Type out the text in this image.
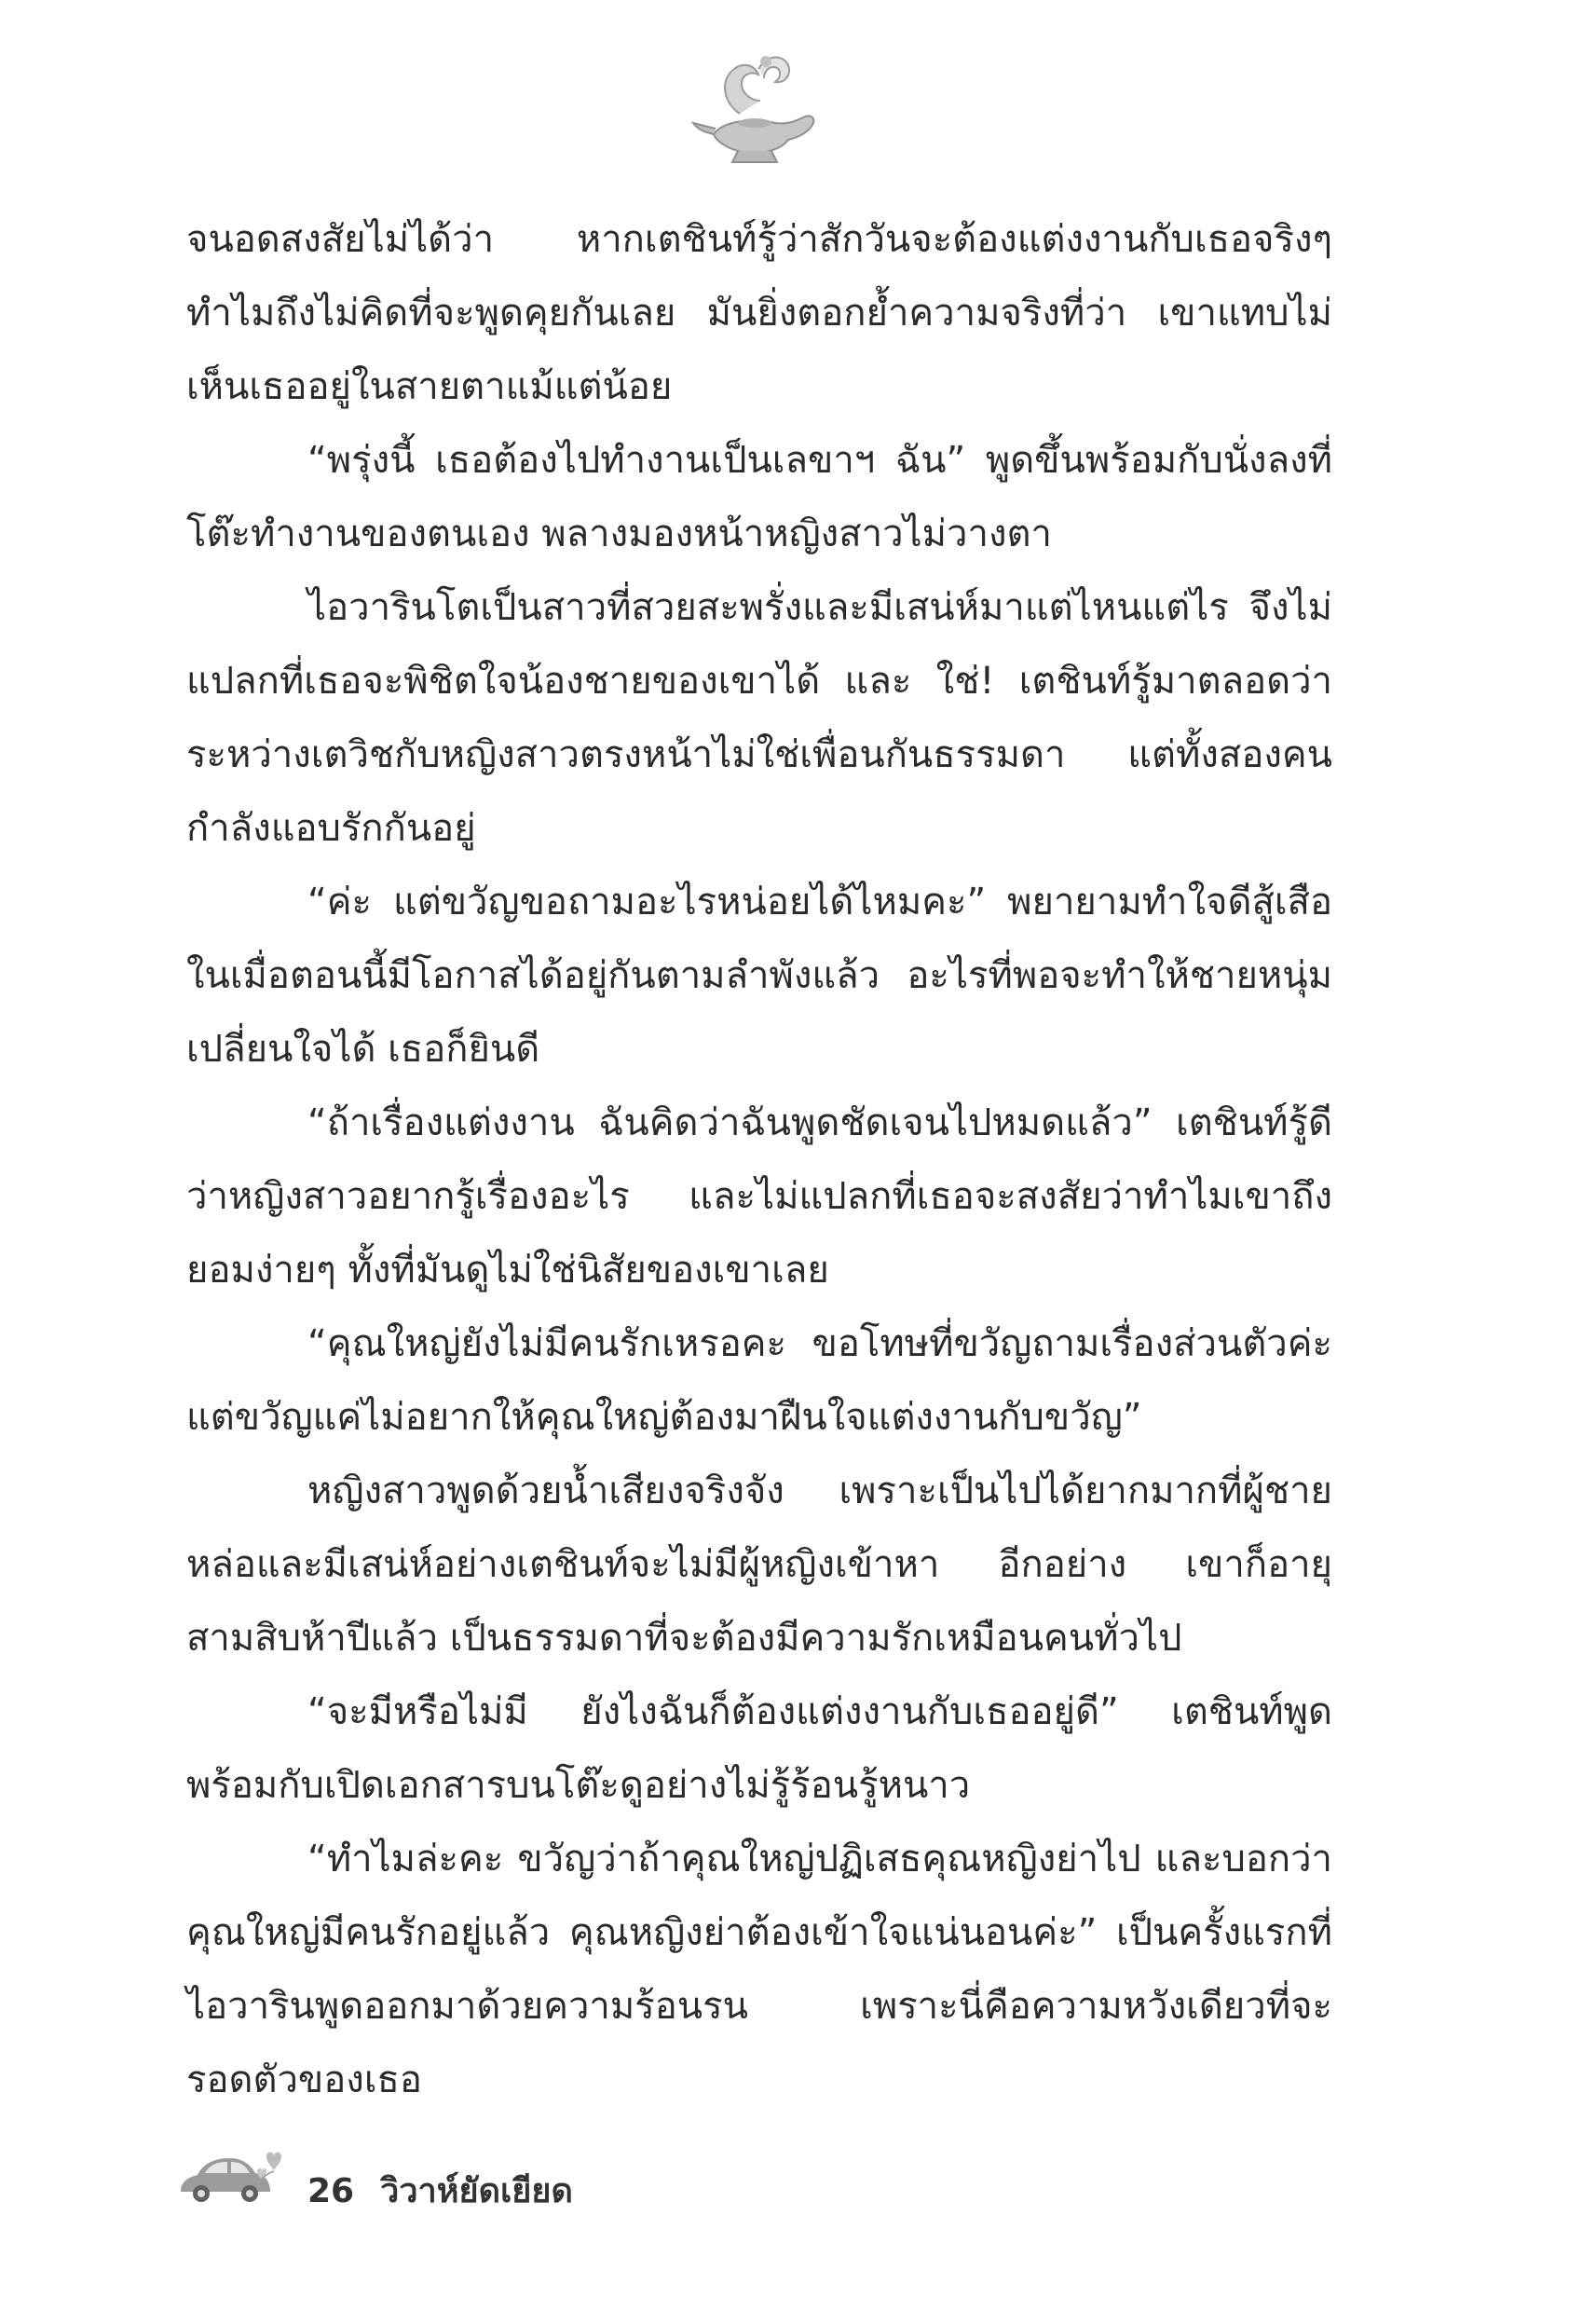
จนอดสงสัยไม่ได้ว่า หากเตชินท์รู้ว่าสักวันจะต้องแต่งงานกับเธอจริงๆ ทำไมถึงไม่คิดที่จะพูดคุยกันเลย มันยิ่งตอกย้ำความจริงที่ว่า เขาแทบไม่เห็นเธออยู่ในสายตาแม้แต่น้อย

“พรุ่งนี้ เธอต้องไปทำงานเป็นเลขาฯ ฉัน” พูดขึ้นพร้อมกับนั่งลงที่โต๊ะทำงานของตนเอง พลางมองหน้าหญิงสาวไม่วางตา

ไอวารินโตเป็นสาวที่สวยสะพรั่งและมีเสน่ห์มาแต่ไหนแต่ไร จึงไม่แปลกที่เธอจะพิชิตใจน้องชายของเขาได้ และ ใช่! เตชินท์รู้มาตลอดว่าระหว่างเตวิชกับหญิงสาวตรงหน้าไม่ใช่เพื่อนกันธรรมดา แต่ทั้งสองคนกำลังแอบรักกันอยู่

“ค่ะ แต่ขวัญขอถามอะไรหน่อยได้ไหมคะ” พยายามทำใจดีสู้เสือในเมื่อตอนนี้มีโอกาสได้อยู่กันตามลำพังแล้ว อะไรที่พอจะทำให้ชายหนุ่มเปลี่ยนใจได้ เธอก็ยินดี

“ถ้าเรื่องแต่งงาน ฉันคิดว่าฉันพูดชัดเจนไปหมดแล้ว” เตชินท์รู้ดีว่าหญิงสาวอยากรู้เรื่องอะไร และไม่แปลกที่เธอจะสงสัยว่าทำไมเขาถึงยอมง่ายๆ ทั้งที่มันดูไม่ใช่นิสัยของเขาเลย

“คุณใหญ่ยังไม่มีคนรักเหรอคะ ขอโทษที่ขวัญถามเรื่องส่วนตัวค่ะ แต่ขวัญแค่ไม่อยากให้คุณใหญ่ต้องมาฝืนใจแต่งงานกับขวัญ”

หญิงสาวพูดด้วยน้ำเสียงจริงจัง เพราะเป็นไปได้ยากมากที่ผู้ชายหล่อและมีเสน่ห์อย่างเตชินท์จะไม่มีผู้หญิงเข้าหา อีกอย่าง เขาก็อายุสามสิบห้าปีแล้ว เป็นธรรมดาที่จะต้องมีความรักเหมือนคนทั่วไป

“จะมีหรือไม่มี ยังไงฉันก็ต้องแต่งงานกับเธออยู่ดี” เตชินท์พูดพร้อมกับเปิดเอกสารบนโต๊ะดูอย่างไม่รู้ร้อนรู้หนาว

“ทำไมล่ะคะ ขวัญว่าถ้าคุณใหญ่ปฏิเสธคุณหญิงย่าไป และบอกว่าคุณใหญ่มีคนรักอยู่แล้ว คุณหญิงย่าต้องเข้าใจแน่นอนค่ะ” เป็นครั้งแรกที่ไอวารินพูดออกมาด้วยความร้อนรน เพราะนี่คือความหวังเดียวที่จะรอดตัวของเธอ

26 วิวาห์ยัดเยียด
